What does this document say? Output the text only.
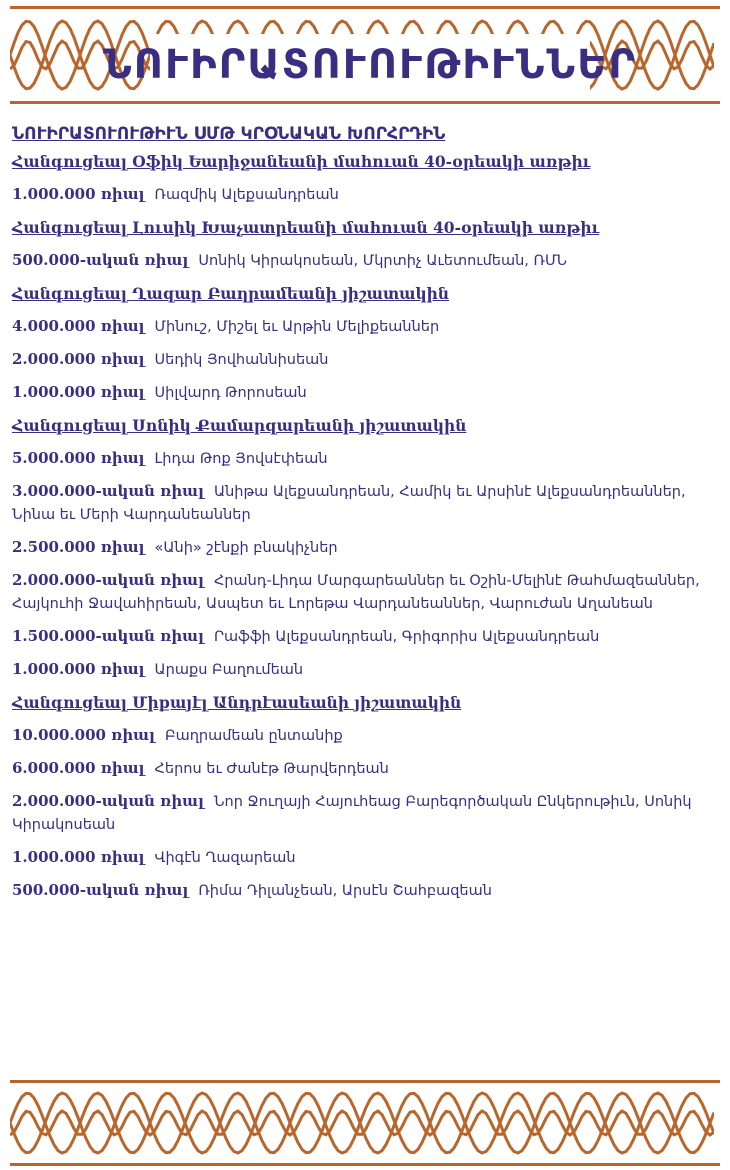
ՆՈՒԻՐԱՏՈՒՈՒԹԻՒՆՆԵՐ
ՆՈՒԻՐԱՏՈՒՈՒԹԻՒՆ ՍՄԹ ԿՐՕՆԱԿԱՆ ԽՈՐՀՐԴԻՆ
Հանգուցեալ Օֆիկ Եարիջանեանի մահուան 40-օրեակի առթիւ
1.000.000 ռիալ Ռազմիկ Ալեքսանդրեան
Հանգուցեալ Լուսիկ Խաչատրեանի մահուան 40-օրեակի առթիւ
500.000-ական ռիալ Սոնիկ Կիրակոսեան, Մկրտիչ Աւետումեան, ՌՄՆ
Հանգուցեալ Ղազար Բաղրամեանի յիշատակին
4.000.000 ռիալ Մինուշ, Միշել եւ Արթին Մելիքեաններ
2.000.000 ռիալ Սեդիկ Յովհաննիսեան
1.000.000 ռիալ Սիլվարդ Թորոսեան
Հանգուցեալ Սոնիկ Քամարզարեանի յիշատակին
5.000.000 ռիալ Լիդա Թոք Յովսէփեան
3.000.000-ական ռիալ Անիթա Ալեքսանդրեան, Համիկ եւ Արսինէ Ալեքսանդրեաններ, Նինա եւ Մերի Վարդանեաններ
2.500.000 ռիալ «Անի» շէնքի բնակիչներ
2.000.000-ական ռիալ Հրանդ-Լիդա Մարգարեաններ եւ Օշին-Մելինէ Թահմազեաններ, Հայկուհի Ջավահիրեան, Ասպետ եւ Լորեթա Վարդանեաններ, Վարուժան Աղանեան
1.500.000-ական ռիալ Րաֆֆի Ալեքսանդրեան, Գրիգորիս Ալեքսանդրեան
1.000.000 ռիալ Արաքս Բաղումեան
Հանգուցեալ Միքայէլ Անդրէասեանի յիշատակին
10.000.000 ռիալ Բաղրամեան ընտանիք
6.000.000 ռիալ Հերոս եւ Ժանէթ Թարվերդեան
2.000.000-ական ռիալ Նոր Ջուղայի Հայուհեաց Բարեգործական Ընկերութիւն, Սոնիկ Կիրակոսեան
1.000.000 ռիալ Վիգէն Ղազարեան
500.000-ական ռիալ Ռիմա Դիլանչեան, Արսէն Շահբազեան
